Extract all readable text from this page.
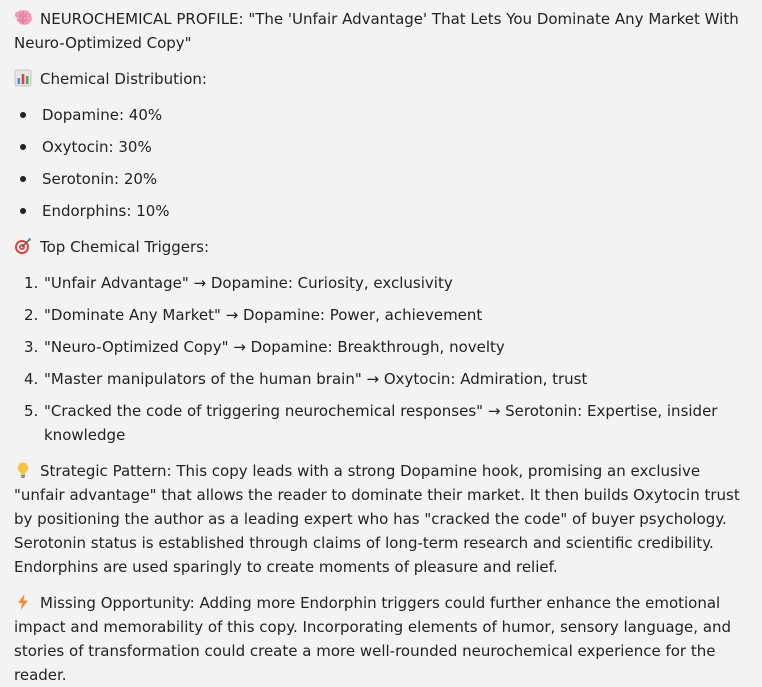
NEUROCHEMICAL PROFILE: "The 'Unfair Advantage' That Lets You Dominate Any Market With Neuro-Optimized Copy"

Chemical Distribution:

Dopamine: 40%
Oxytocin: 30%
Serotonin: 20%
Endorphins: 10%

Top Chemical Triggers:

1. "Unfair Advantage" → Dopamine: Curiosity, exclusivity
2. "Dominate Any Market" → Dopamine: Power, achievement
3. "Neuro-Optimized Copy" → Dopamine: Breakthrough, novelty
4. "Master manipulators of the human brain" → Oxytocin: Admiration, trust
5. "Cracked the code of triggering neurochemical responses" → Serotonin: Expertise, insider knowledge

Strategic Pattern: This copy leads with a strong Dopamine hook, promising an exclusive "unfair advantage" that allows the reader to dominate their market. It then builds Oxytocin trust by positioning the author as a leading expert who has "cracked the code" of buyer psychology. Serotonin status is established through claims of long-term research and scientific credibility. Endorphins are used sparingly to create moments of pleasure and relief.

Missing Opportunity: Adding more Endorphin triggers could further enhance the emotional impact and memorability of this copy. Incorporating elements of humor, sensory language, and stories of transformation could create a more well-rounded neurochemical experience for the reader.
